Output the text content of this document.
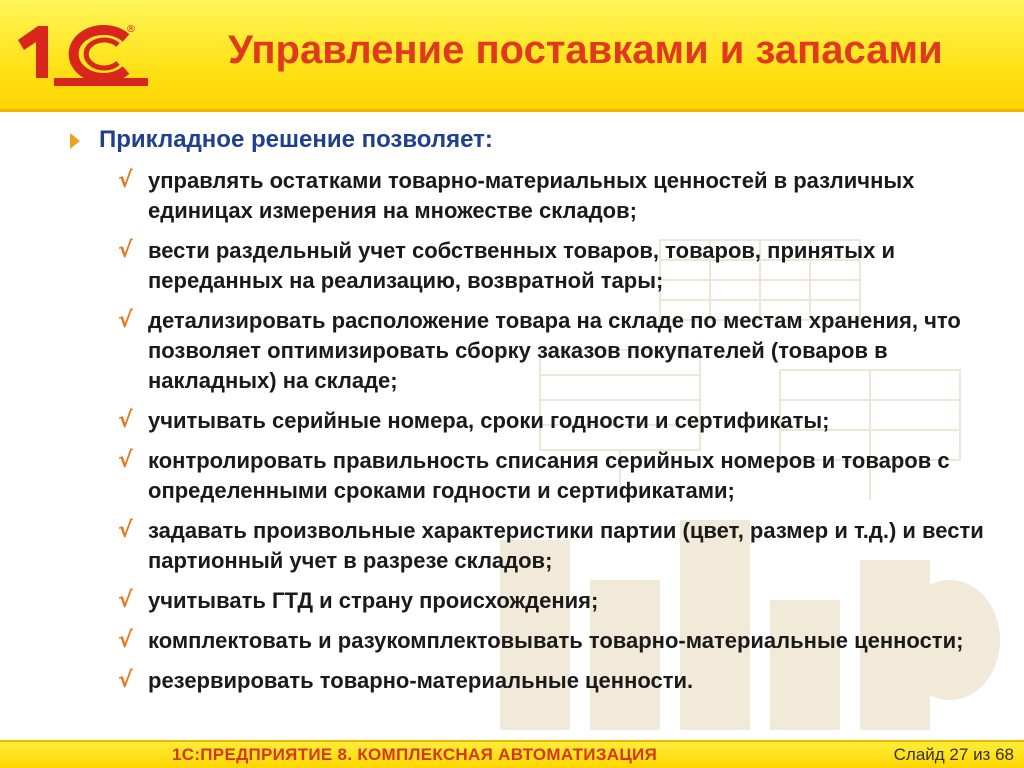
® Управление поставками и запасами
Прикладное решение позволяет:
√ управлять остатками товарно-материальных ценностей в различных единицах измерения на множестве складов;
√ вести раздельный учет собственных товаров, товаров, принятых и переданных на реализацию, возвратной тары;
√ детализировать расположение товара на складе по местам хранения, что позволяет оптимизировать сборку заказов покупателей (товаров в накладных) на складе;
√ учитывать серийные номера, сроки годности и сертификаты;
√ контролировать правильность списания серийных номеров и товаров с определенными сроками годности и сертификатами;
√ задавать произвольные характеристики партии (цвет, размер и т.д.) и вести партионный учет в разрезе складов;
√ учитывать ГТД и страну происхождения;
√ комплектовать и разукомплектовывать товарно-материальные ценности;
√ резервировать товарно-материальные ценности.
1С:ПРЕДПРИЯТИЕ 8. КОМПЛЕКСНАЯ АВТОМАТИЗАЦИЯ	Слайд 27 из 68
